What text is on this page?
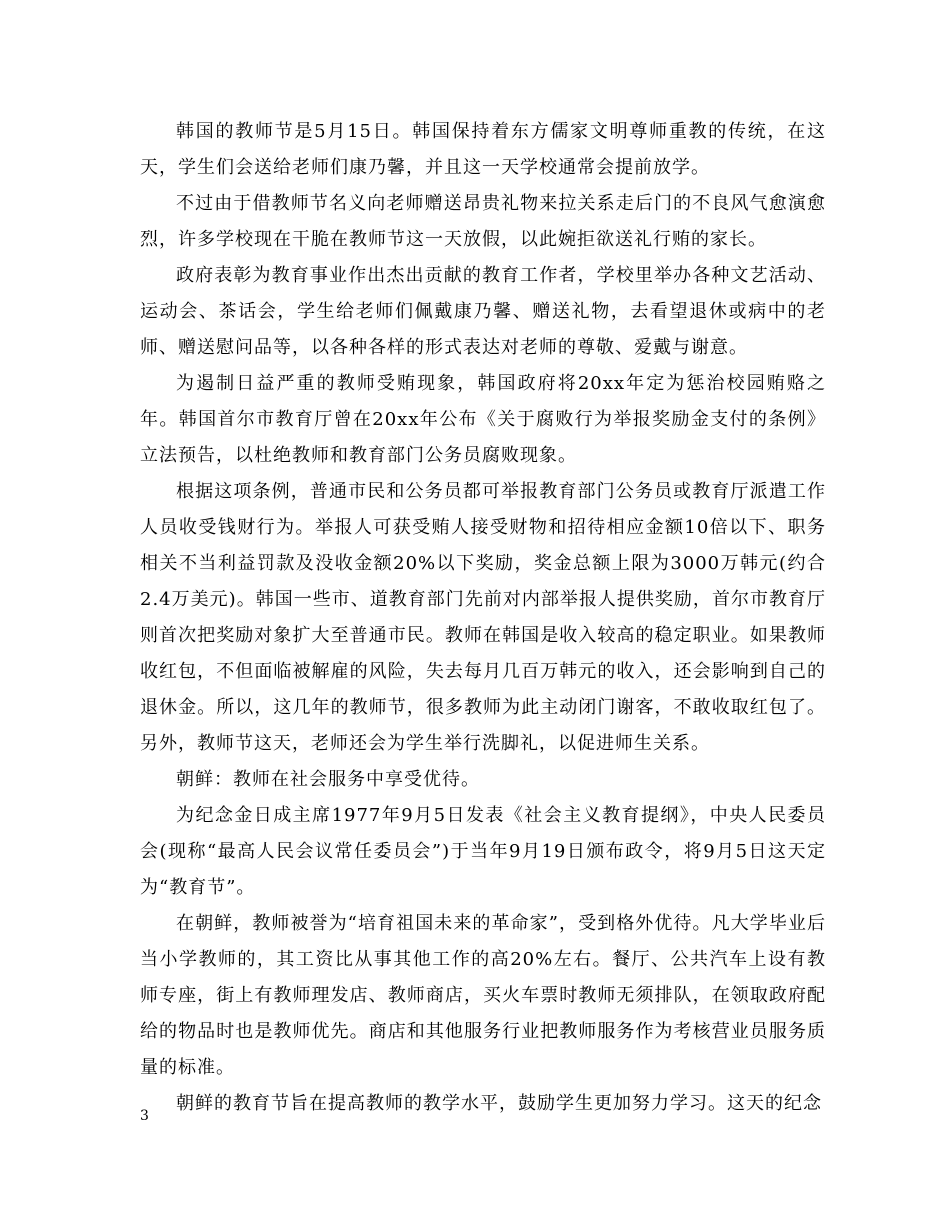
韩国的教师节是5月15日。韩国保持着东方儒家文明尊师重教的传统，在这天，学生们会送给老师们康乃馨，并且这一天学校通常会提前放学。

不过由于借教师节名义向老师赠送昂贵礼物来拉关系走后门的不良风气愈演愈烈，许多学校现在干脆在教师节这一天放假，以此婉拒欲送礼行贿的家长。

政府表彰为教育事业作出杰出贡献的教育工作者，学校里举办各种文艺活动、运动会、茶话会，学生给老师们佩戴康乃馨、赠送礼物，去看望退休或病中的老师、赠送慰问品等，以各种各样的形式表达对老师的尊敬、爱戴与谢意。

为遏制日益严重的教师受贿现象，韩国政府将20xx年定为惩治校园贿赂之年。韩国首尔市教育厅曾在20xx年公布《关于腐败行为举报奖励金支付的条例》立法预告，以杜绝教师和教育部门公务员腐败现象。

根据这项条例，普通市民和公务员都可举报教育部门公务员或教育厅派遣工作人员收受钱财行为。举报人可获受贿人接受财物和招待相应金额10倍以下、职务相关不当利益罚款及没收金额20%以下奖励，奖金总额上限为3000万韩元(约合2.4万美元)。韩国一些市、道教育部门先前对内部举报人提供奖励，首尔市教育厅则首次把奖励对象扩大至普通市民。教师在韩国是收入较高的稳定职业。如果教师收红包，不但面临被解雇的风险，失去每月几百万韩元的收入，还会影响到自己的退休金。所以，这几年的教师节，很多教师为此主动闭门谢客，不敢收取红包了。另外，教师节这天，老师还会为学生举行洗脚礼，以促进师生关系。

朝鲜：教师在社会服务中享受优待。

为纪念金日成主席1977年9月5日发表《社会主义教育提纲》，中央人民委员会(现称“最高人民会议常任委员会”)于当年9月19日颁布政令，将9月5日这天定为“教育节”。

在朝鲜，教师被誉为“培育祖国未来的革命家”，受到格外优待。凡大学毕业后当小学教师的，其工资比从事其他工作的高20%左右。餐厅、公共汽车上设有教师专座，街上有教师理发店、教师商店，买火车票时教师无须排队，在领取政府配给的物品时也是教师优先。商店和其他服务行业把教师服务作为考核营业员服务质量的标准。

朝鲜的教育节旨在提高教师的教学水平，鼓励学生更加努力学习。这天的纪念

3
